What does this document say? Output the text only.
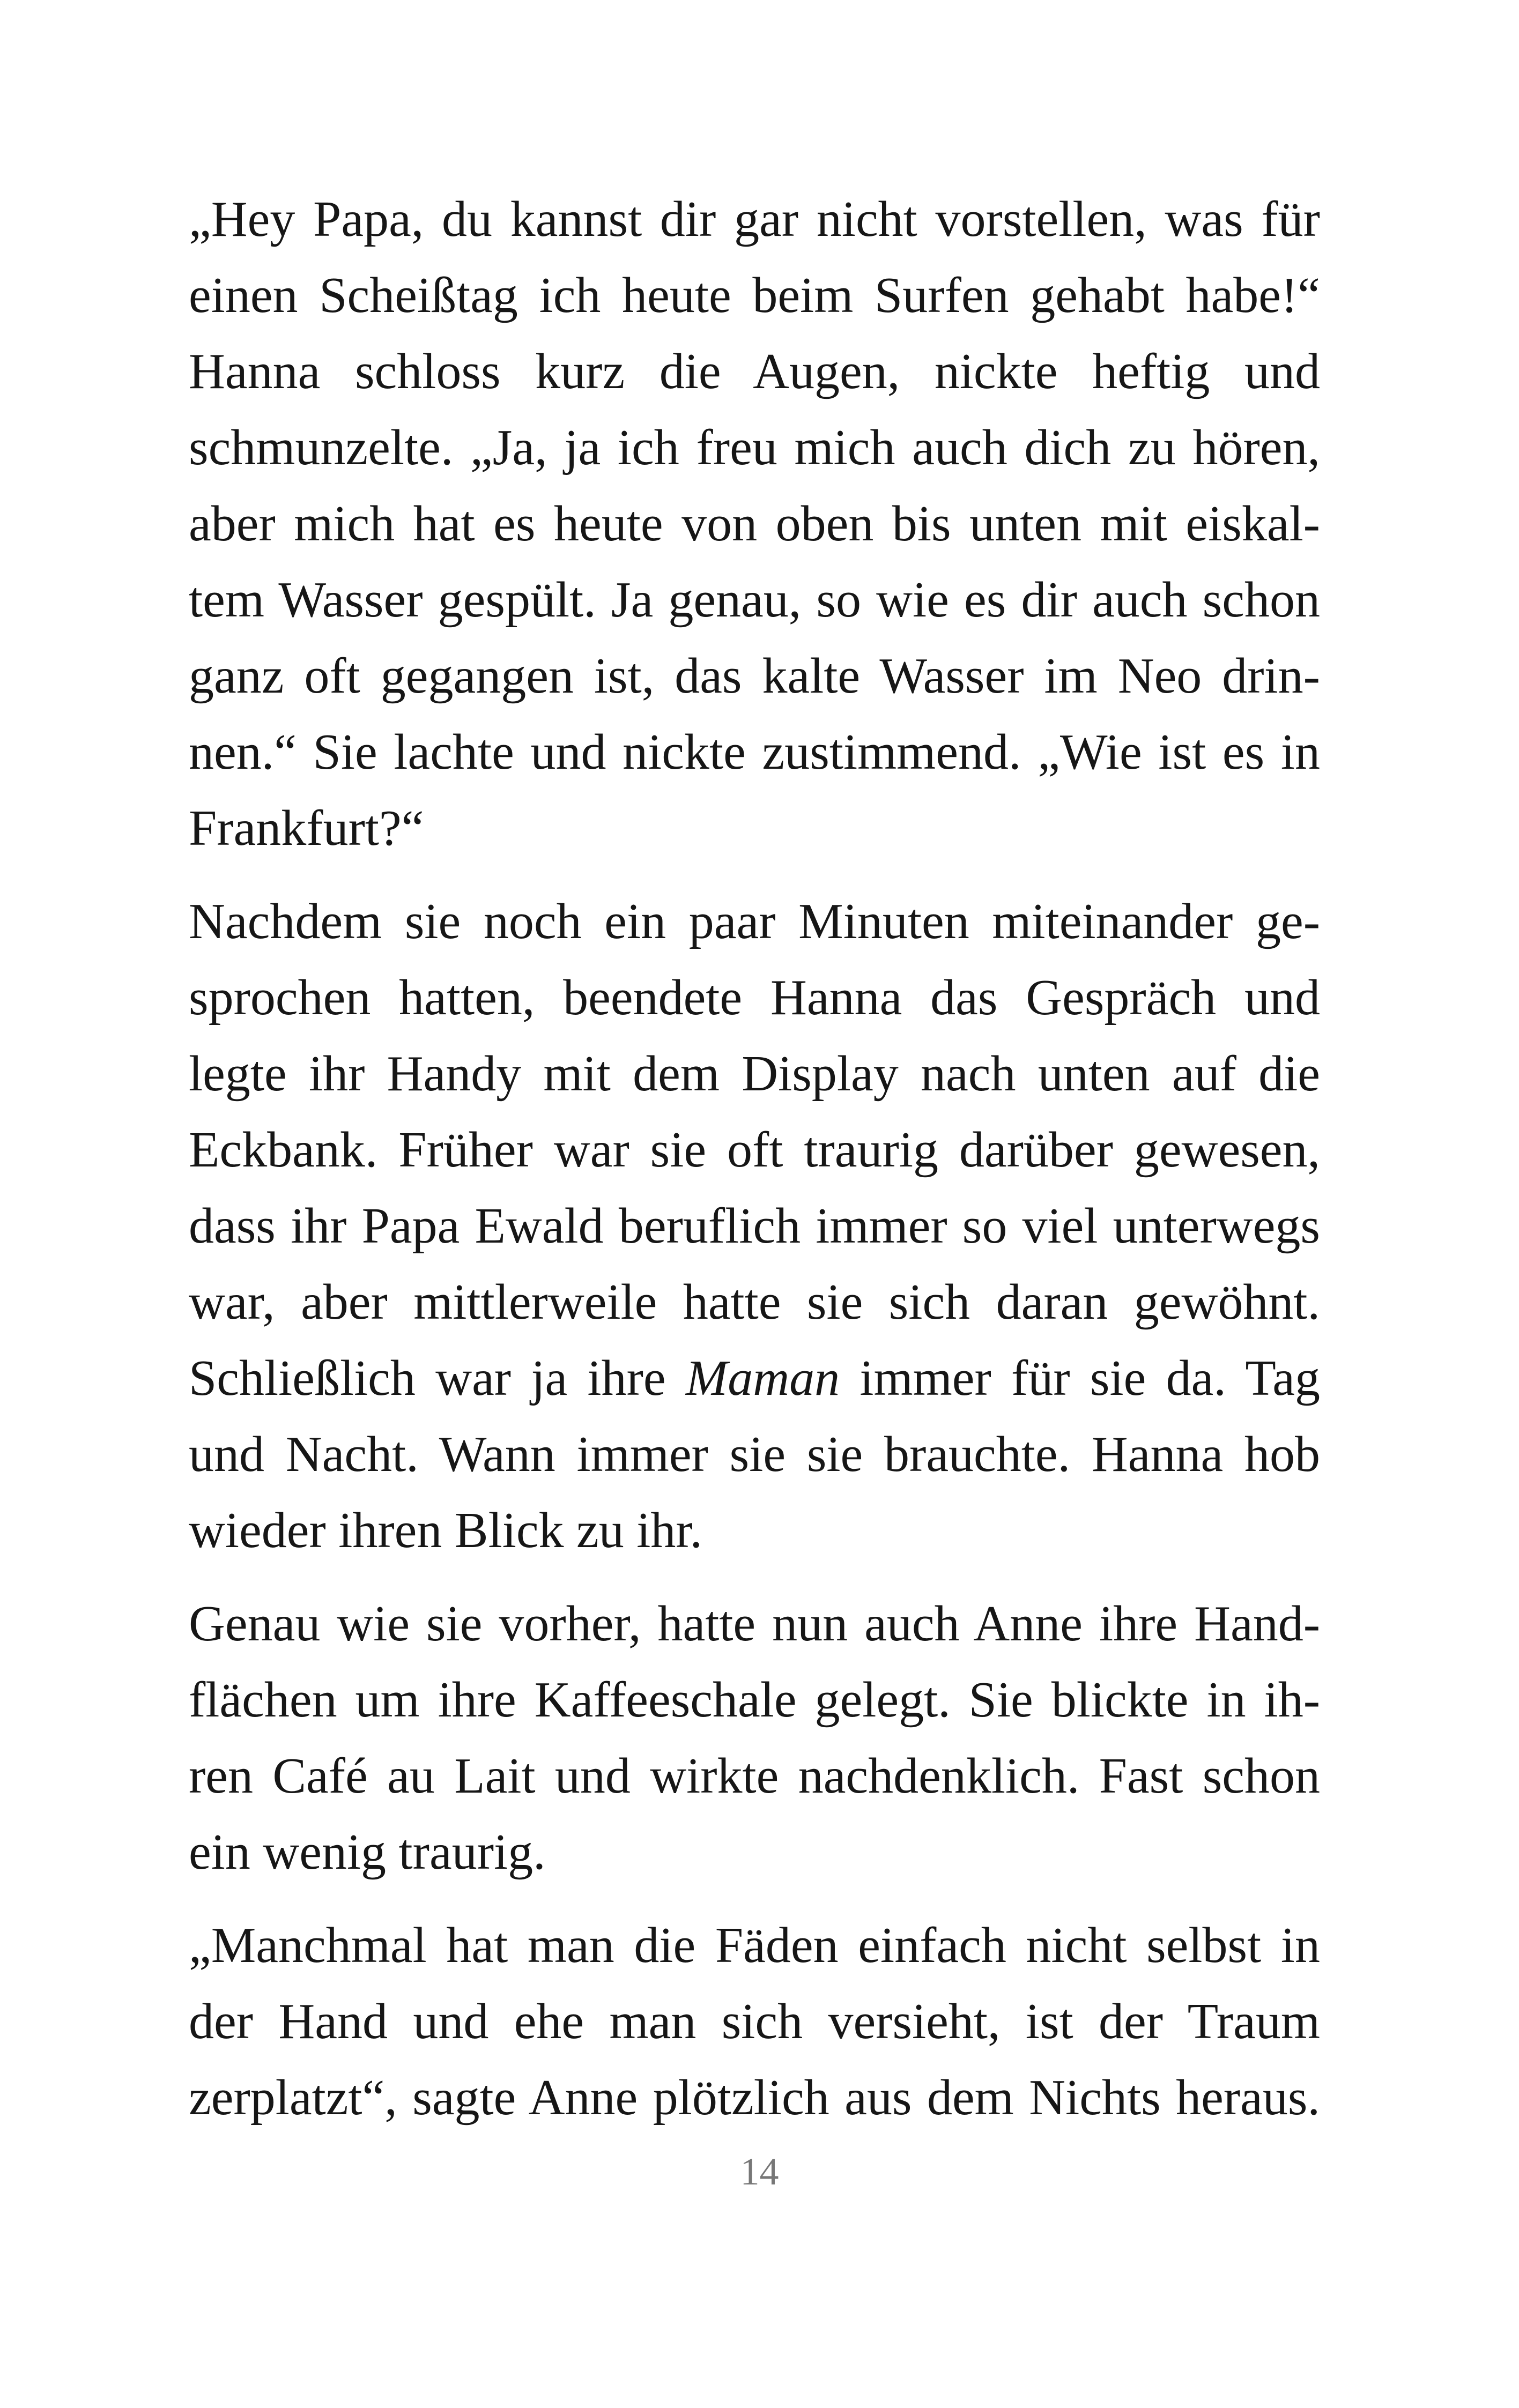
„Hey Papa, du kannst dir gar nicht vorstellen, was für
einen Scheißtag ich heute beim Surfen gehabt habe!“
Hanna schloss kurz die Augen, nickte heftig und
schmunzelte. „Ja, ja ich freu mich auch dich zu hören,
aber mich hat es heute von oben bis unten mit eiskal-
tem Wasser gespült. Ja genau, so wie es dir auch schon
ganz oft gegangen ist, das kalte Wasser im Neo drin-
nen.“ Sie lachte und nickte zustimmend. „Wie ist es in
Frankfurt?“

Nachdem sie noch ein paar Minuten miteinander ge-
sprochen hatten, beendete Hanna das Gespräch und
legte ihr Handy mit dem Display nach unten auf die
Eckbank. Früher war sie oft traurig darüber gewesen,
dass ihr Papa Ewald beruflich immer so viel unterwegs
war, aber mittlerweile hatte sie sich daran gewöhnt.
Schließlich war ja ihre Maman immer für sie da. Tag
und Nacht. Wann immer sie sie brauchte. Hanna hob
wieder ihren Blick zu ihr.

Genau wie sie vorher, hatte nun auch Anne ihre Hand-
flächen um ihre Kaffeeschale gelegt. Sie blickte in ih-
ren Café au Lait und wirkte nachdenklich. Fast schon
ein wenig traurig.

„Manchmal hat man die Fäden einfach nicht selbst in
der Hand und ehe man sich versieht, ist der Traum
zerplatzt“, sagte Anne plötzlich aus dem Nichts heraus.

14
